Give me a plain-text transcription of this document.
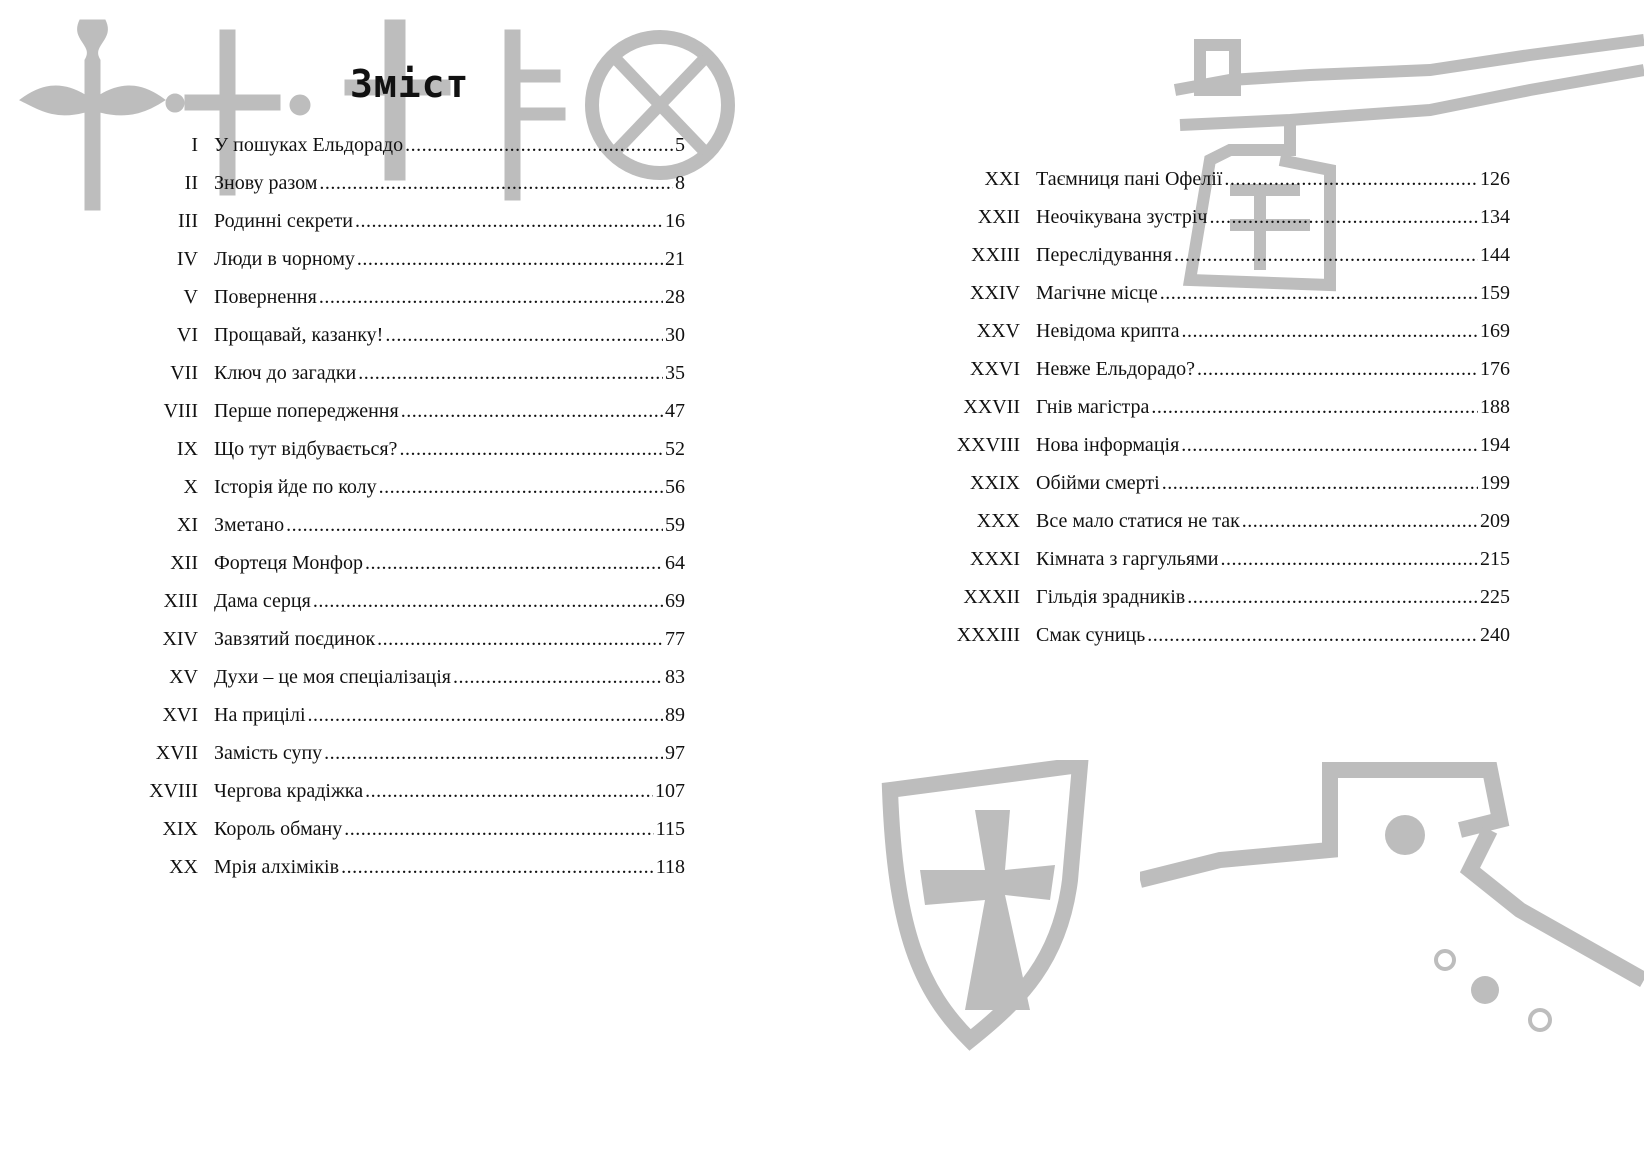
Зміст
I У пошуках Ельдорадо .....	5
II Знову разом .....	8
III Родинні секрети .....	16
IV Люди в чорному .....	21
V Повернення .....	28
VI Прощавай, казанку! .....	30
VII Ключ до загадки .....	35
VIII Перше попередження .....	47
IX Що тут відбувається? .....	52
X Історія йде по колу .....	56
XI Зметано .....	59
XII Фортеця Монфор .....	64
XIII Дама серця .....	69
XIV Завзятий поєдинок .....	77
XV Духи – це моя спеціалізація .....	83
XVI На прицілі .....	89
XVII Замість супу .....	97
XVIII Чергова крадіжка .....	107
XIX Король обману .....	115
XX Мрія алхіміків .....	118
XXI Таємниця пані Офелії .....	126
XXII Неочікувана зустріч .....	134
XXIII Переслідування .....	144
XXIV Магічне місце .....	159
XXV Невідома крипта .....	169
XXVI Невже Ельдорадо? .....	176
XXVII Гнів магістра .....	188
XXVIII Нова інформація .....	194
XXIX Обійми смерті .....	199
XXX Все мало статися не так .....	209
XXXI Кімната з гаргульями .....	215
XXXII Гільдія зрадників .....	225
XXXIII Смак суниць .....	240
